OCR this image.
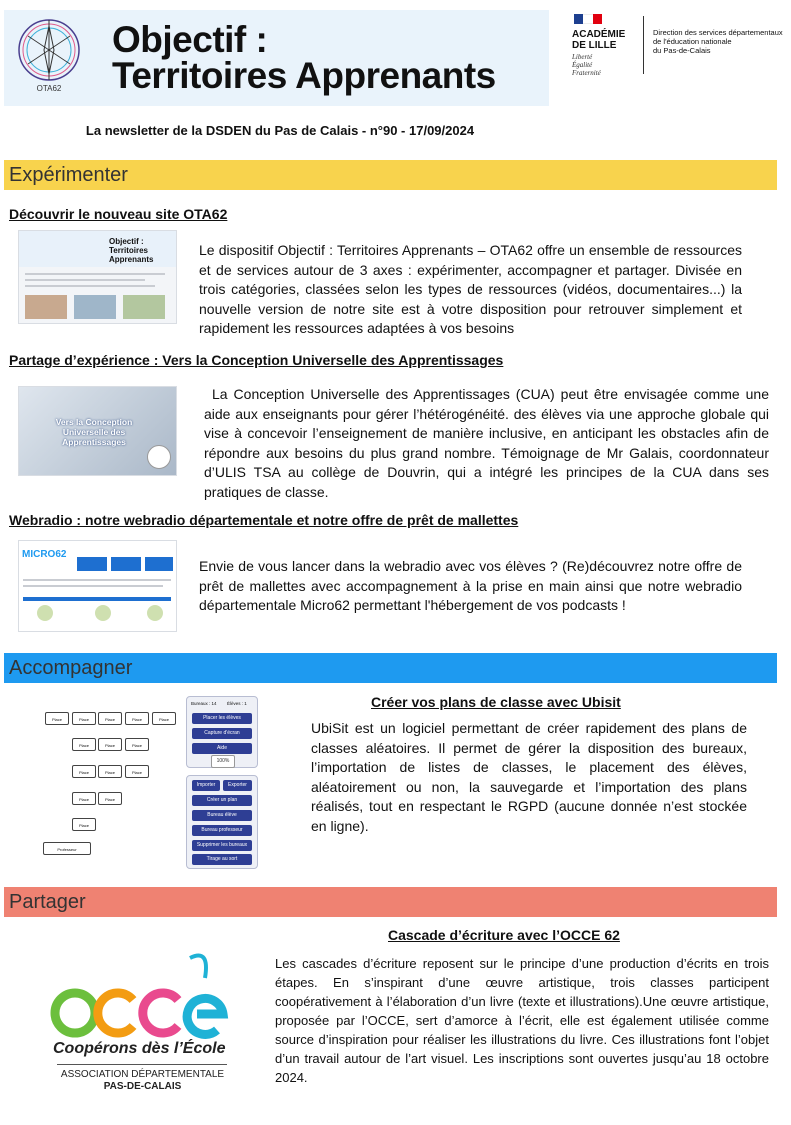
OTA62
Objectif :
Territoires Apprenants
ACADÉMIE
DE LILLE
Liberté
Égalité
Fraternité
Direction des services départementaux
de l'éducation nationale
du Pas-de-Calais
La newsletter de la DSDEN du Pas de Calais - n°90 - 17/09/2024
Expérimenter
Découvrir le nouveau site OTA62
Objectif : Territoires Apprenants
Le dispositif Objectif : Territoires Apprenants – OTA62 offre un ensemble de ressources et de services autour de 3 axes : expérimenter, accompagner et partager. Divisée en trois catégories, classées selon les types de ressources (vidéos, documentaires...) la nouvelle version de notre site est à votre disposition pour retrouver simplement et rapidement les ressources adaptées à vos besoins
Partage d’expérience : Vers la Conception Universelle des Apprentissages
Vers la Conception
Universelle des Apprentissages
La Conception Universelle des Apprentissages (CUA) peut être envisagée comme une aide aux enseignants pour gérer l’hétérogénéité. des élèves via une approche globale qui vise à concevoir l’enseignement de manière inclusive, en anticipant les obstacles afin de répondre aux besoins du plus grand nombre. Témoignage de Mr Galais, coordonnateur d’ULIS TSA au collège de Douvrin, qui a intégré les principes de la CUA dans ses pratiques de classe.
Webradio : notre webradio départementale et notre offre de prêt de mallettes
MICRO62
Envie de vous lancer dans la webradio avec vos élèves ? (Re)découvrez notre offre de prêt de mallettes avec accompagnement à la prise en main ainsi que notre webradio départementale Micro62 permettant l'hébergement de vos podcasts !
Accompagner
Place	Place	Place	Place	Place
Place	Place	Place
Place	Place	Place
Place	Place
Place
Professeur
Bureaux : 14 Élèves : 1
Placer les élèves
Capture d'écran
Aide
100%
Importer	Exporter
Créer un plan
Bureau élève
Bureau professeur
Supprimer les bureaux
Tirage au sort
Créer vos plans de classe avec Ubisit
UbiSit est un logiciel permettant de créer rapidement des plans de classes aléatoires. Il permet de gérer la disposition des bureaux, l’importation de listes de classes, le placement des élèves, aléatoirement ou non, la sauvegarde et l’importation des plans réalisés, tout en respectant le RGPD (aucune donnée n’est stockée en ligne).
Partager
Coopérons dès l’École
ASSOCIATION DÉPARTEMENTALE
PAS-DE-CALAIS
Cascade d’écriture avec l’OCCE 62
Les cascades d’écriture reposent sur le principe d’une production d’écrits en trois étapes. En s’inspirant d’une œuvre artistique, trois classes participent coopérativement à l’élaboration d’un livre (texte et illustrations).Une œuvre artistique, proposée par l’OCCE, sert d’amorce à l’écrit, elle est également utilisée comme source d’inspiration pour réaliser les illustrations du livre. Ces illustrations font l’objet d’un travail autour de l’art visuel. Les inscriptions sont ouvertes jusqu’au 18 octobre 2024.
